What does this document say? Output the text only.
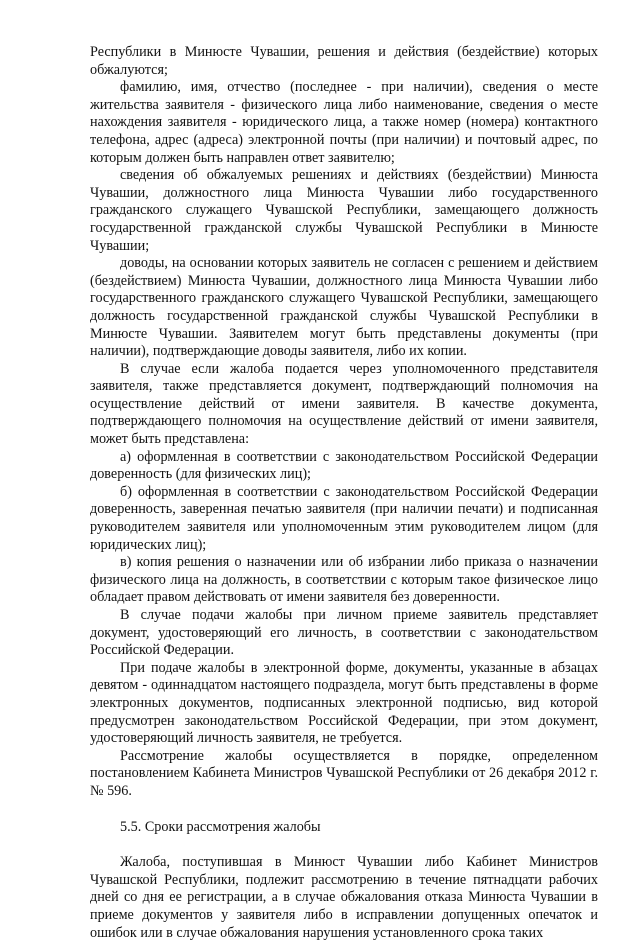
Республики в Минюсте Чувашии, решения и действия (бездействие) которых обжалуются;

фамилию, имя, отчество (последнее - при наличии), сведения о месте жительства заявителя - физического лица либо наименование, сведения о месте нахождения заявителя - юридического лица, а также номер (номера) контактного телефона, адрес (адреса) электронной почты (при наличии) и почтовый адрес, по которым должен быть направлен ответ заявителю;

сведения об обжалуемых решениях и действиях (бездействии) Минюста Чувашии, должностного лица Минюста Чувашии либо государственного гражданского служащего Чувашской Республики, замещающего должность государственной гражданской службы Чувашской Республики в Минюсте Чувашии;

доводы, на основании которых заявитель не согласен с решением и действием (бездействием) Минюста Чувашии, должностного лица Минюста Чувашии либо государственного гражданского служащего Чувашской Республики, замещающего должность государственной гражданской службы Чувашской Республики в Минюсте Чувашии. Заявителем могут быть представлены документы (при наличии), подтверждающие доводы заявителя, либо их копии.

В случае если жалоба подается через уполномоченного представителя заявителя, также представляется документ, подтверждающий полномочия на осуществление действий от имени заявителя. В качестве документа, подтверждающего полномочия на осуществление действий от имени заявителя, может быть представлена:

а) оформленная в соответствии с законодательством Российской Федерации доверенность (для физических лиц);

б) оформленная в соответствии с законодательством Российской Федерации доверенность, заверенная печатью заявителя (при наличии печати) и подписанная руководителем заявителя или уполномоченным этим руководителем лицом (для юридических лиц);

в) копия решения о назначении или об избрании либо приказа о назначении физического лица на должность, в соответствии с которым такое физическое лицо обладает правом действовать от имени заявителя без доверенности.

В случае подачи жалобы при личном приеме заявитель представляет документ, удостоверяющий его личность, в соответствии с законодательством Российской Федерации.

При подаче жалобы в электронной форме, документы, указанные в абзацах девятом - одиннадцатом настоящего подраздела, могут быть представлены в форме электронных документов, подписанных электронной подписью, вид которой предусмотрен законодательством Российской Федерации, при этом документ, удостоверяющий личность заявителя, не требуется.

Рассмотрение жалобы осуществляется в порядке, определенном постановлением Кабинета Министров Чувашской Республики от 26 декабря 2012 г. № 596.

5.5. Сроки рассмотрения жалобы

Жалоба, поступившая в Минюст Чувашии либо Кабинет Министров Чувашской Республики, подлежит рассмотрению в течение пятнадцати рабочих дней со дня ее регистрации, а в случае обжалования отказа Минюста Чувашии в приеме документов у заявителя либо в исправлении допущенных опечаток и ошибок или в случае обжалования нарушения установленного срока таких
